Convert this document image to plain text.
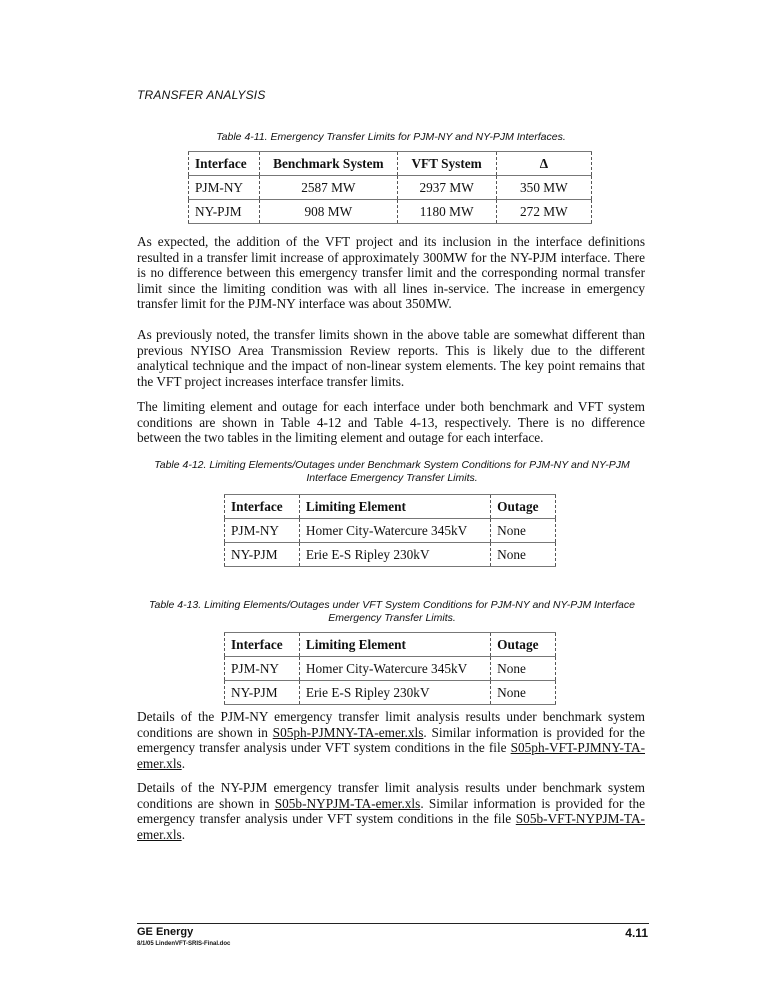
TRANSFER ANALYSIS
Table 4-11. Emergency Transfer Limits for PJM-NY and NY-PJM Interfaces.
Interface	Benchmark System	VFT System	Δ
PJM-NY	2587 MW	2937 MW	350 MW
NY-PJM	908 MW	1180 MW	272 MW

As expected, the addition of the VFT project and its inclusion in the interface definitions resulted in a transfer limit increase of approximately 300MW for the NY-PJM interface. There is no difference between this emergency transfer limit and the corresponding normal transfer limit since the limiting condition was with all lines in-service. The increase in emergency transfer limit for the PJM-NY interface was about 350MW.

As previously noted, the transfer limits shown in the above table are somewhat different than previous NYISO Area Transmission Review reports. This is likely due to the different analytical technique and the impact of non-linear system elements. The key point remains that the VFT project increases interface transfer limits.

The limiting element and outage for each interface under both benchmark and VFT system conditions are shown in Table 4-12 and Table 4-13, respectively. There is no difference between the two tables in the limiting element and outage for each interface.

Table 4-12. Limiting Elements/Outages under Benchmark System Conditions for PJM-NY and NY-PJM Interface Emergency Transfer Limits.
Interface	Limiting Element	Outage
PJM-NY	Homer City-Watercure 345kV	None
NY-PJM	Erie E-S Ripley 230kV	None
Table 4-13. Limiting Elements/Outages under VFT System Conditions for PJM-NY and NY-PJM Interface Emergency Transfer Limits.
Interface	Limiting Element	Outage
PJM-NY	Homer City-Watercure 345kV	None
NY-PJM	Erie E-S Ripley 230kV	None

Details of the PJM-NY emergency transfer limit analysis results under benchmark system conditions are shown in S05ph-PJMNY-TA-emer.xls. Similar information is provided for the emergency transfer analysis under VFT system conditions in the file S05ph-VFT-PJMNY-TA-emer.xls.

Details of the NY-PJM emergency transfer limit analysis results under benchmark system conditions are shown in S05b-NYPJM-TA-emer.xls. Similar information is provided for the emergency transfer analysis under VFT system conditions in the file S05b-VFT-NYPJM-TA-emer.xls.

GE Energy
8/1/05 LindenVFT-SRIS-Final.doc
4.11
